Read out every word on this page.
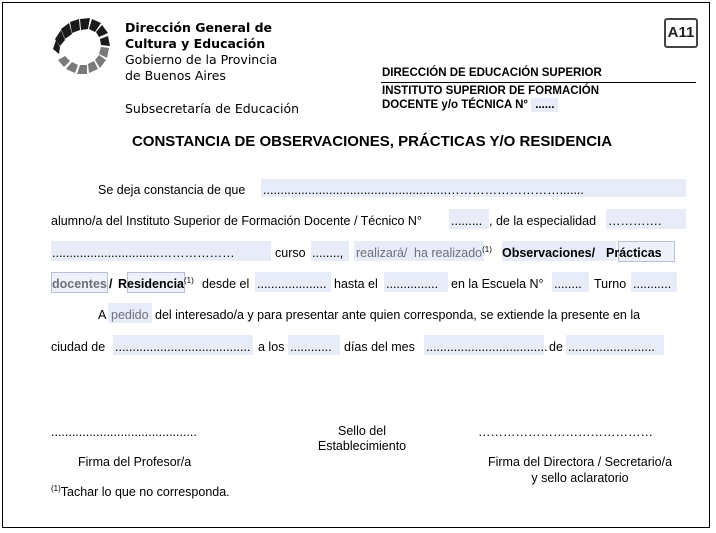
Dirección General de
Cultura y Educación
Gobierno de la Provincia
de Buenos Aires
Subsecretaría de Educación
A11
DIRECCIÓN DE EDUCACIÓN SUPERIOR
INSTITUTO SUPERIOR DE FORMACIÓN
DOCENTE y/o TÉCNICA N° ......
CONSTANCIA DE OBSERVACIONES, PRÁCTICAS Y/O RESIDENCIA
Se deja constancia de que .....................................................……………………….......
alumno/a del Instituto Superior de Formación Docente / Técnico N° ......... , de la especialidad ………….
...............................………………	curso ........, realizará/ ha realizado$^{(1)}$ Observaciones/ Prácticas
docentes / Residencia$^{(1)}$ desde el .................... hasta el ............... en la Escuela N° ........ Turno ...........
A pedido del interesado/a y para presentar ante quien corresponda, se extiende la presente en la
ciudad de ....................................... a los ............ días del mes ................................... de .........................
..........................................
Firma del Profesor/a
Sello del
Establecimiento
……………………………………
Firma del Directora / Secretario/a
y sello aclaratorio
$^{(1)}$Tachar lo que no corresponda.
